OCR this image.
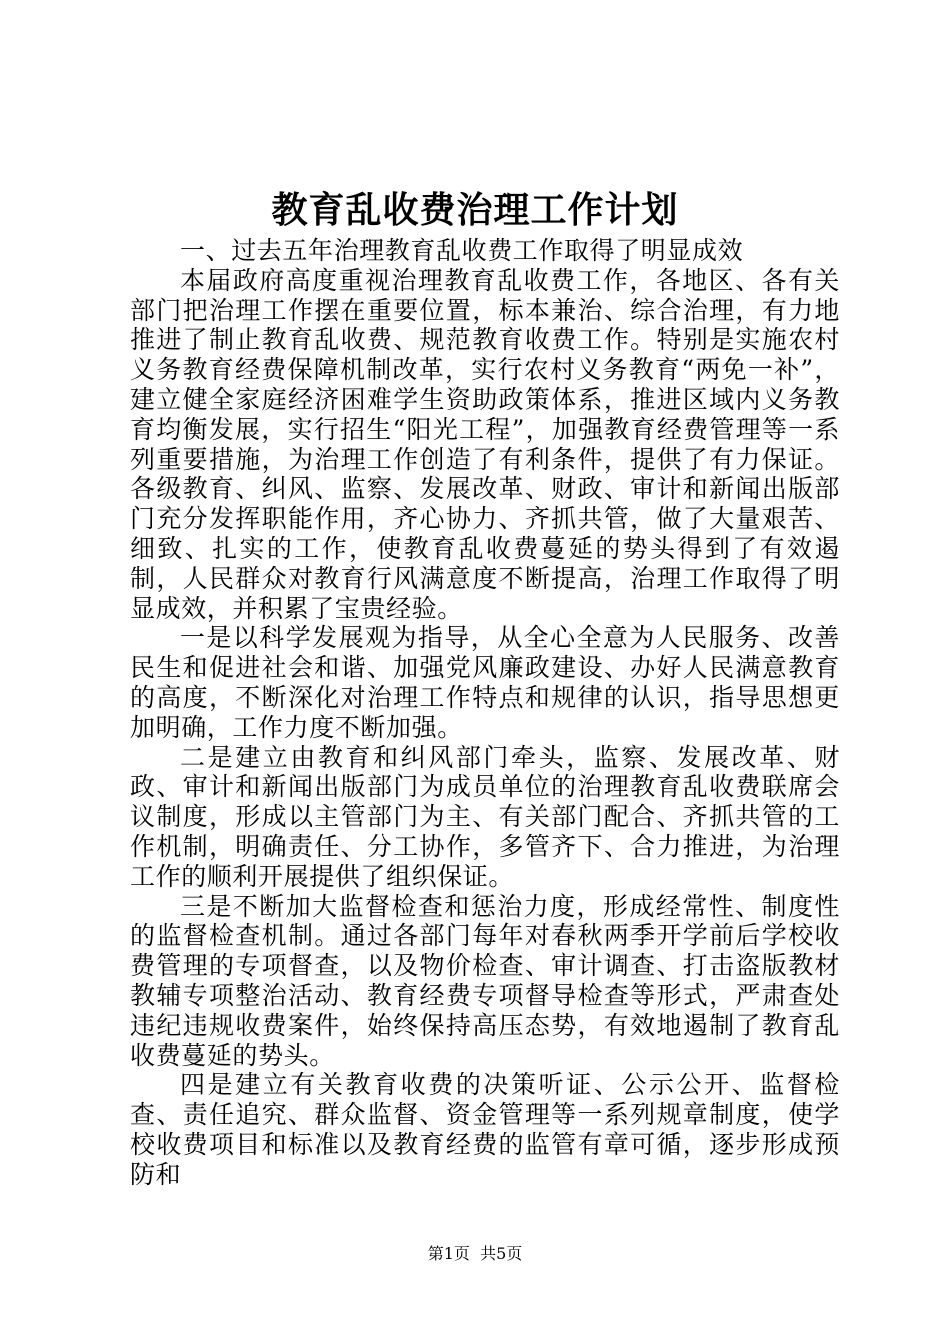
教育乱收费治理工作计划

一、过去五年治理教育乱收费工作取得了明显成效

本届政府高度重视治理教育乱收费工作，各地区、各有关部门把治理工作摆在重要位置，标本兼治、综合治理，有力地推进了制止教育乱收费、规范教育收费工作。特别是实施农村义务教育经费保障机制改革，实行农村义务教育“两免一补”，建立健全家庭经济困难学生资助政策体系，推进区域内义务教育均衡发展，实行招生“阳光工程”，加强教育经费管理等一系列重要措施，为治理工作创造了有利条件，提供了有力保证。各级教育、纠风、监察、发展改革、财政、审计和新闻出版部门充分发挥职能作用，齐心协力、齐抓共管，做了大量艰苦、细致、扎实的工作，使教育乱收费蔓延的势头得到了有效遏制，人民群众对教育行风满意度不断提高，治理工作取得了明显成效，并积累了宝贵经验。

一是以科学发展观为指导，从全心全意为人民服务、改善民生和促进社会和谐、加强党风廉政建设、办好人民满意教育的高度，不断深化对治理工作特点和规律的认识，指导思想更加明确，工作力度不断加强。

二是建立由教育和纠风部门牵头，监察、发展改革、财政、审计和新闻出版部门为成员单位的治理教育乱收费联席会议制度，形成以主管部门为主、有关部门配合、齐抓共管的工作机制，明确责任、分工协作，多管齐下、合力推进，为治理工作的顺利开展提供了组织保证。

三是不断加大监督检查和惩治力度，形成经常性、制度性的监督检查机制。通过各部门每年对春秋两季开学前后学校收费管理的专项督查，以及物价检查、审计调查、打击盗版教材教辅专项整治活动、教育经费专项督导检查等形式，严肃查处违纪违规收费案件，始终保持高压态势，有效地遏制了教育乱收费蔓延的势头。

四是建立有关教育收费的决策听证、公示公开、监督检查、责任追究、群众监督、资金管理等一系列规章制度，使学校收费项目和标准以及教育经费的监管有章可循，逐步形成预防和

第1页 共5页
